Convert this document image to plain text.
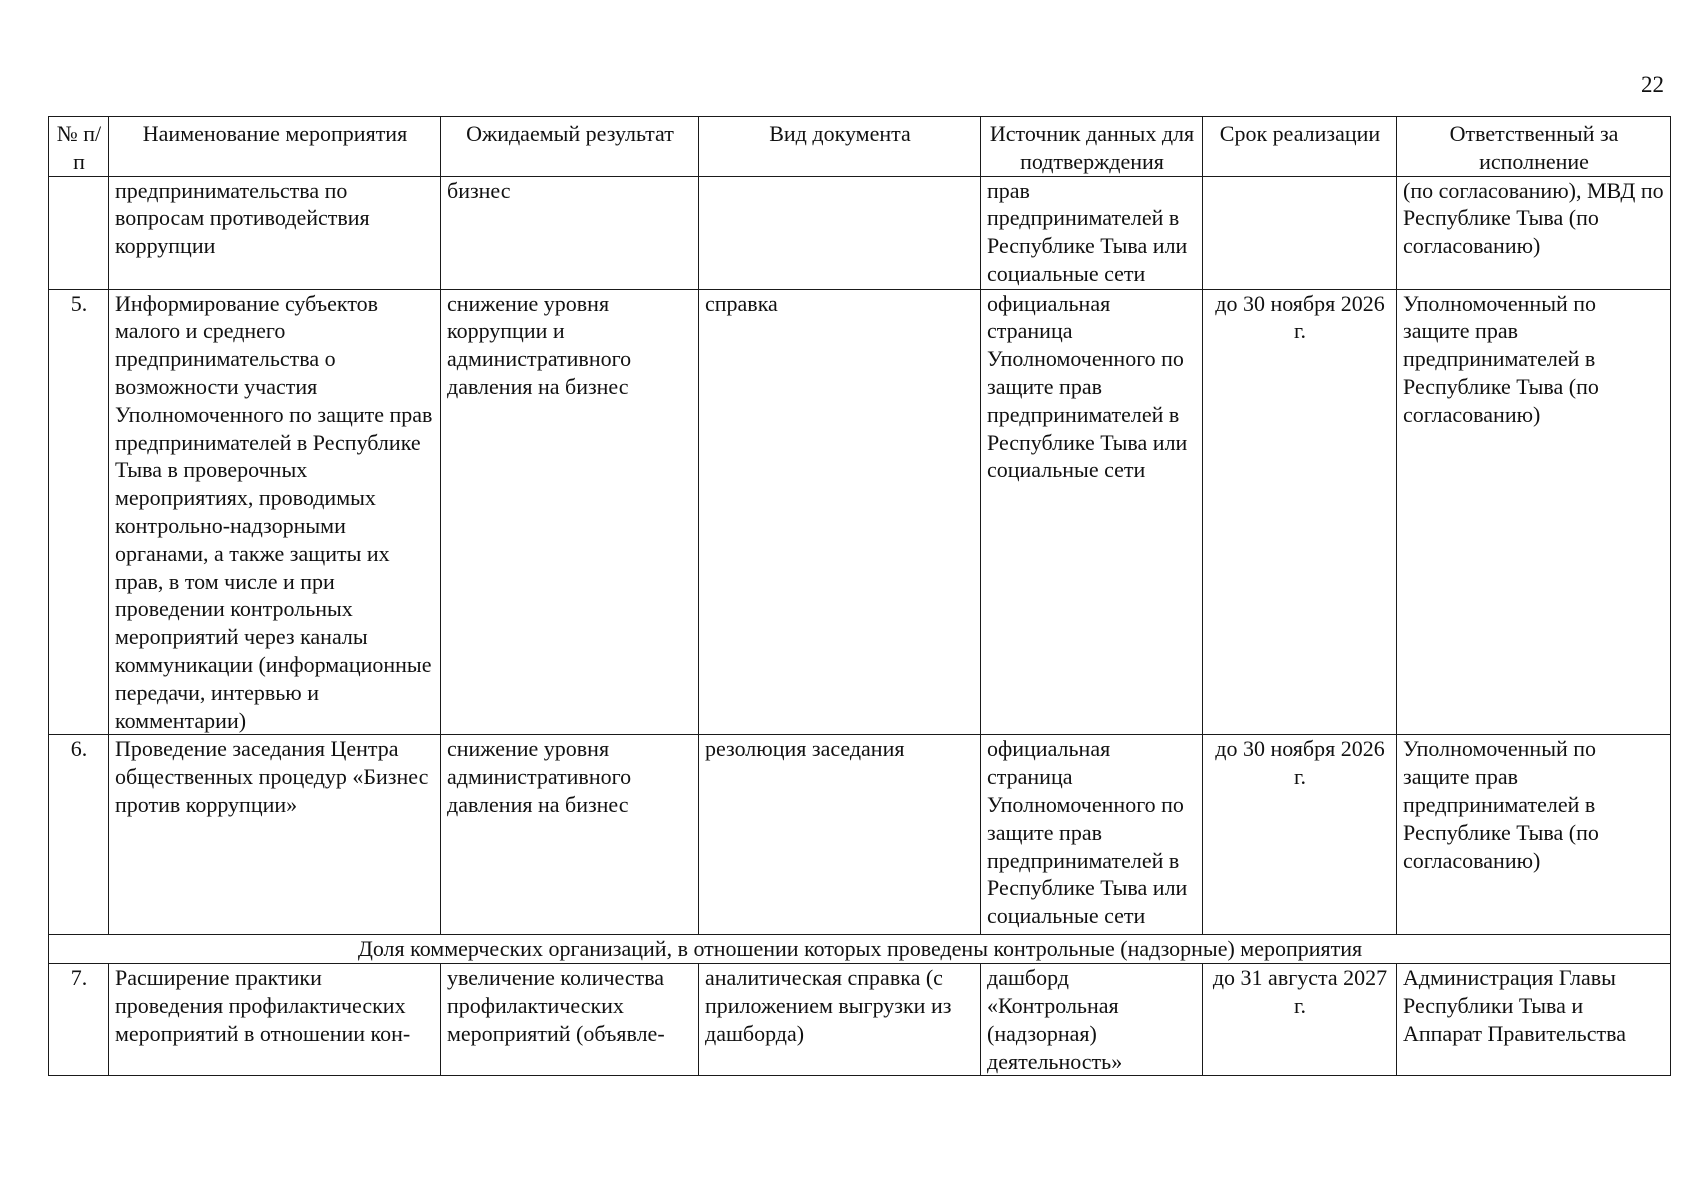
22
№ п/п	Наименование мероприятия	Ожидаемый результат	Вид документа	Источник данных для подтверждения	Срок реализации	Ответственный за исполнение
	предпринимательства по вопросам противодействия коррупции	бизнес		прав предпринимателей в Республике Тыва или социальные сети		(по согласованию), МВД по Республике Тыва (по согласованию)
5.	Информирование субъектов малого и среднего предпринимательства о возможности участия Уполномоченного по защите прав предпринимателей в Республике Тыва в проверочных мероприятиях, проводимых контрольно-надзорными органами, а также защиты их прав, в том числе и при проведении контрольных мероприятий через каналы коммуникации (информационные передачи, интервью и комментарии)	снижение уровня коррупции и административного давления на бизнес	справка	официальная страница Уполномоченного по защите прав предпринимателей в Республике Тыва или социальные сети	до 30 ноября 2026 г.	Уполномоченный по защите прав предпринимателей в Республике Тыва (по согласованию)
6.	Проведение заседания Центра общественных процедур «Бизнес против коррупции»	снижение уровня административного давления на бизнес	резолюция заседания	официальная страница Уполномоченного по защите прав предпринимателей в Республике Тыва или социальные сети	до 30 ноября 2026 г.	Уполномоченный по защите прав предпринимателей в Республике Тыва (по согласованию)
Доля коммерческих организаций, в отношении которых проведены контрольные (надзорные) мероприятия						
7.	Расширение практики проведения профилактических мероприятий в отношении кон-	увеличение количества профилактических мероприятий (объявле-	аналитическая справка (с приложением выгрузки из дашборда)	дашборд «Контрольная (надзорная) деятельность»	до 31 августа 2027 г.	Администрация Главы Республики Тыва и Аппарат Правительства
